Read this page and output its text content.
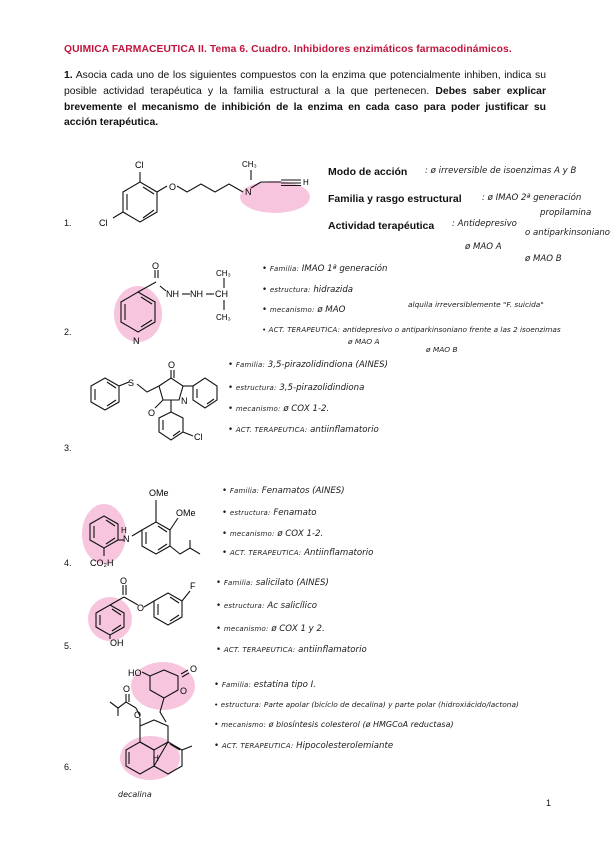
QUIMICA FARMACEUTICA II. Tema 6. Cuadro. Inhibidores enzimáticos farmacodinámicos.
1. Asocia cada uno de los siguientes compuestos con la enzima que potencialmente inhiben, indica su posible actividad terapéutica y la familia estructural a la que pertenecen. Debes saber explicar brevemente el mecanismo de inhibición de la enzima en cada caso para poder justificar su acción terapéutica.
1.
Cl
Cl
O	N
CH₃
H
Modo de acción : ø irreversible de isoenzimas A y B
Familia y rasgo estructural : ø IMAO 2ª generación
propilamina
Actividad terapéutica : Antidepresivo
o antiparkinsoniano
ø MAO A
ø MAO B
2.
N
O
NH NH CH
CH₃
CH₃
• Familia: IMAO 1ª generación
• estructura: hidrazida
• mecanismo: ø MAO
alquila irreversiblemente "F. suicida"
• ACT. TERAPEUTICA: antidepresivo o antiparkinsoniano frente a las 2 isoenzimas
ø MAO A
ø MAO B
3.
S
O
O
N
Cl
• Familia: 3,5-pirazolidindiona (AINES)
• estructura: 3,5-pirazolidindiona
• mecanismo: ø COX 1-2.
• ACT. TERAPEUTICA: antiinflamatorio
4.
OMe
OMe
N
H
CO₂H
• Familia: Fenamatos (AINES)
• estructura: Fenamato
• mecanismo: ø COX 1-2.
• ACT. TERAPEUTICA: Antiinflamatorio
5.
F
O
O
OH
• Familia: salicilato (AINES)
• estructura: Ac salicílico
• mecanismo: ø COX 1 y 2.
• ACT. TERAPEUTICA: antiinflamatorio
6.
HO	O
O
O
O
H
decalina
• Familia: estatina tipo I.
• estructura: Parte apolar (bicíclo de decalina) y parte polar (hidroxiácido/lactona)
• mecanismo: ø biosíntesis colesterol (ø HMGCoA reductasa)
• ACT. TERAPEUTICA: Hipocolesterolemiante
1
